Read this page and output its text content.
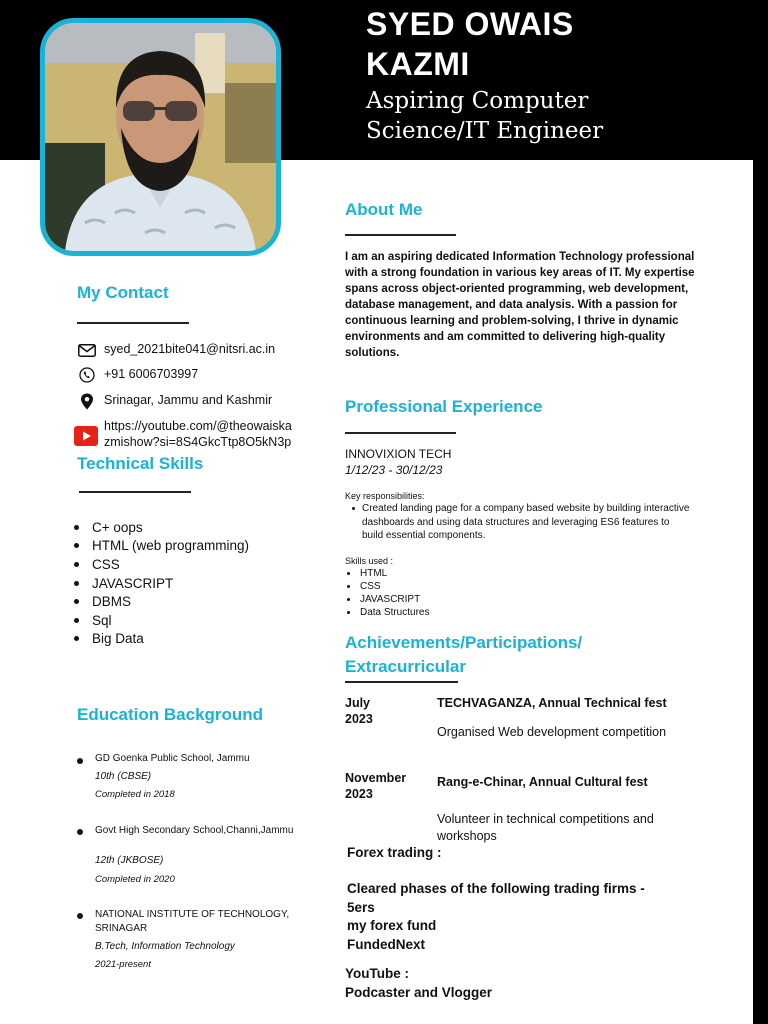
SYED OWAIS
KAZMI
Aspiring Computer
Science/IT Engineer
My Contact
syed_2021bite041@nitsri.ac.in
+91 6006703997
Srinagar, Jammu and Kashmir
https://youtube.com/@theowaiska
zmishow?si=8S4GkcTtp8O5kN3p
Technical Skills
C+ oops
HTML (web programming)
CSS
JAVASCRIPT
DBMS
Sql
Big Data
Education Background
GD Goenka Public School, Jammu
10th (CBSE)
Completed in 2018
Govt High Secondary School,Channi,Jammu
12th (JKBOSE)
Completed in 2020
NATIONAL INSTITUTE OF TECHNOLOGY,
SRINAGAR
B.Tech, Information Technology
2021-present
About Me
I am an aspiring dedicated Information Technology professional with a strong foundation in various key areas of IT. My expertise spans across object-oriented programming, web development, database management, and data analysis. With a passion for continuous learning and problem-solving, I thrive in dynamic environments and am committed to delivering high-quality solutions.
Professional Experience
INNOVIXION TECH
1/12/23 - 30/12/23
Key responsibilities:
Created landing page for a company based website by building interactive dashboards and using data structures and leveraging ES6 features to build essential components.
Skills used :
HTML
CSS
JAVASCRIPT
Data Structures
Achievements/Participations/
Extracurricular
July
2023
TECHVAGANZA, Annual Technical fest
Organised Web development competition
November
2023
Rang-e-Chinar, Annual Cultural fest
Volunteer in technical competitions and workshops
Forex trading :
Cleared phases of the following trading firms -
5ers
my forex fund
FundedNext
YouTube :
Podcaster and Vlogger
